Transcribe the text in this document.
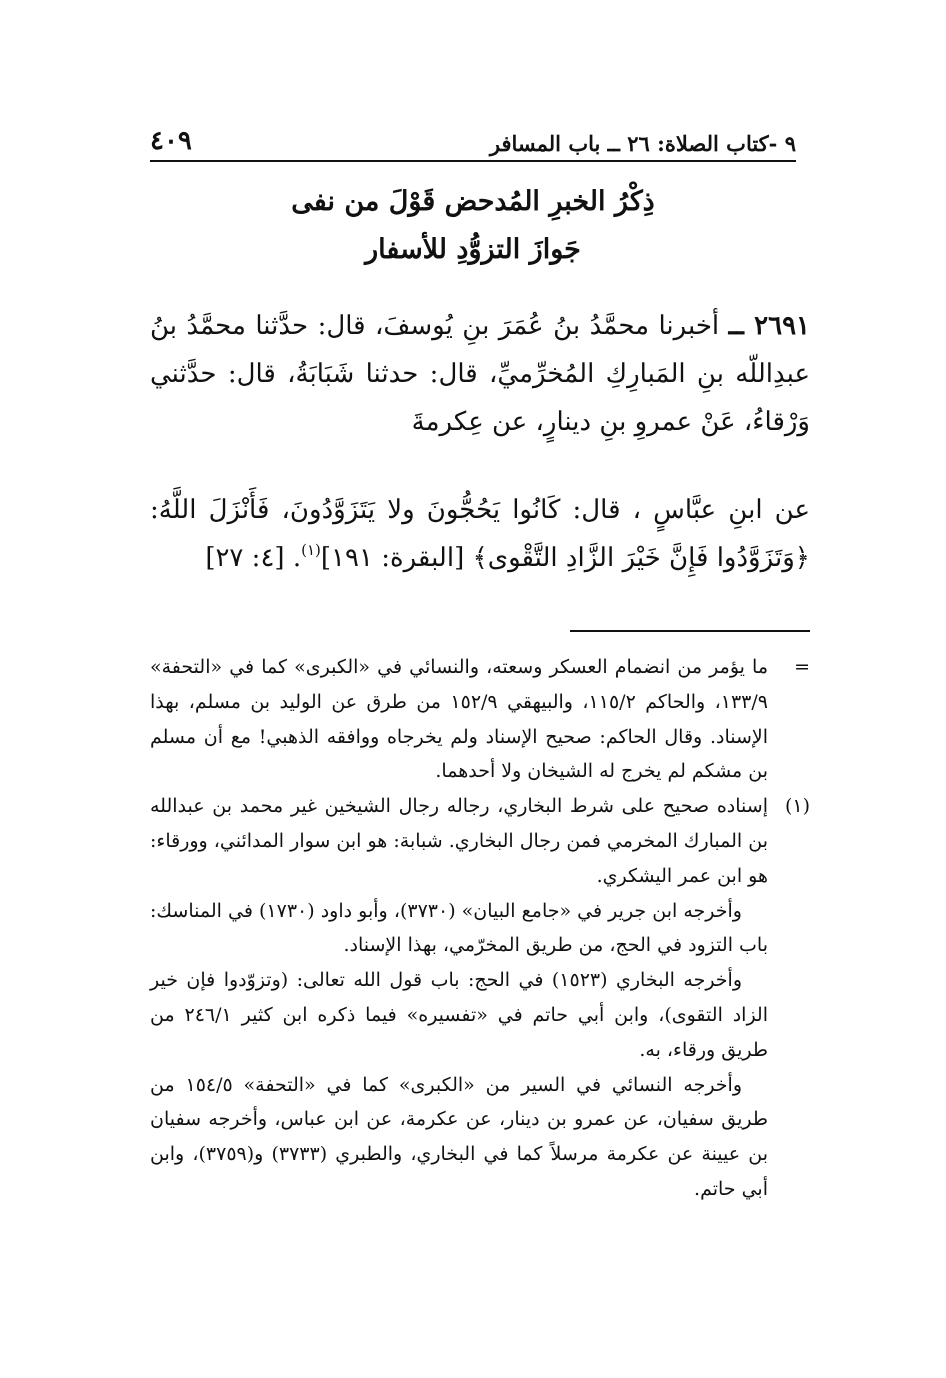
٩ -كتاب الصلاة: ٢٦ ــ باب المسافر
٤٠٩
ذِكْرُ الخبرِ المُدحض قَوْلَ من نفى
جَوازَ التزوُّدِ للأسفار
٢٦٩١ ــ أخبرنا محمَّدُ بنُ عُمَرَ بنِ يُوسفَ، قال: حدَّثنا محمَّدُ بنُ عبدِاللّه بنِ المَبارِكِ المُخرِّميِّ، قال: حدثنا شَبَابَةُ، قال: حدَّثني وَرْقاءُ، عَنْ عمروِ بنِ دينارٍ، عن عِكرمةَ
عن ابنِ عبَّاسٍ ، قال: كَانُوا يَحُجُّونَ ولا يَتَزَوَّدُونَ، فَأَنْزَلَ اللَّهُ: ﴿وَتَزَوَّدُوا فَإِنَّ خَيْرَ الزَّادِ التَّقْوى﴾ [البقرة: ١٩١]$^{(١)}$. [٤: ٢٧]
=
ما يؤمر من انضمام العسكر وسعته، والنسائي في «الكبرى» كما في «التحفة» ١٣٣/٩، والحاكم ١١٥/٢، والبيهقي ١٥٢/٩ من طرق عن الوليد بن مسلم، بهذا الإسناد. وقال الحاكم: صحيح الإسناد ولم يخرجاه ووافقه الذهبي! مع أن مسلم بن مشكم لم يخرج له الشيخان ولا أحدهما.
(١)
إسناده صحيح على شرط البخاري، رجاله رجال الشيخين غير محمد بن عبدالله بن المبارك المخرمي فمن رجال البخاري. شبابة: هو ابن سوار المدائني، وورقاء: هو ابن عمر اليشكري.
وأخرجه ابن جرير في «جامع البيان» (٣٧٣٠)، وأبو داود (١٧٣٠) في المناسك: باب التزود في الحج، من طريق المخرّمي، بهذا الإسناد.
وأخرجه البخاري (١٥٢٣) في الحج: باب قول الله تعالى: (وتزوّدوا فإن خير الزاد التقوى)، وابن أبي حاتم في «تفسيره» فيما ذكره ابن كثير ٢٤٦/١ من طريق ورقاء، به.
وأخرجه النسائي في السير من «الكبرى» كما في «التحفة» ١٥٤/٥ من طريق سفيان، عن عمرو بن دينار، عن عكرمة، عن ابن عباس، وأخرجه سفيان بن عيينة عن عكرمة مرسلاً كما في البخاري، والطبري (٣٧٣٣) و(٣٧٥٩)، وابن أبي حاتم.
